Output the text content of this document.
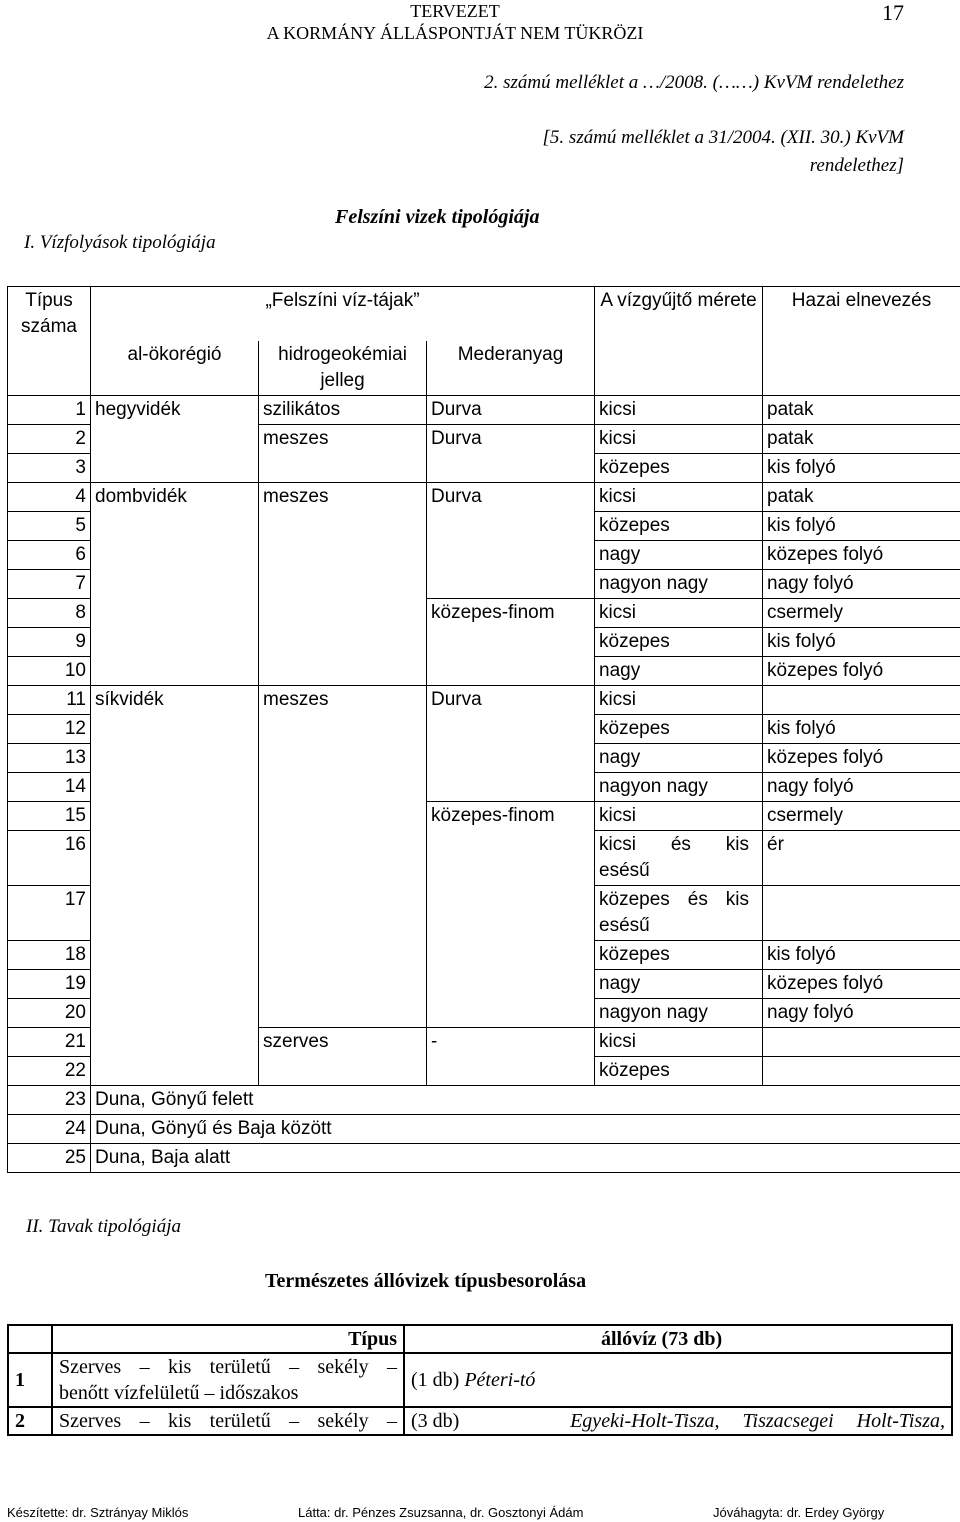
TERVEZET
A KORMÁNY ÁLLÁSPONTJÁT NEM TÜKRÖZI
17
2. számú melléklet a …/2008. (……) KvVM rendelethez
[5. számú melléklet a 31/2004. (XII. 30.) KvVM
rendelethez]
Felszíni vizek tipológiája
I. Vízfolyások tipológiája
Típus száma	„Felszíni víz-tájak”			A vízgyűjtő mérete	Hazai elnevezés
	al-ökorégió	hidrogeokémiai jelleg	Mederanyag		
1	hegyvidék	szilikátos	Durva	kicsi	patak
2		meszes	Durva	kicsi	patak
3				közepes	kis folyó
4	dombvidék	meszes	Durva	kicsi	patak
5				közepes	kis folyó
6				nagy	közepes folyó
7				nagyon nagy	nagy folyó
8			közepes-finom	kicsi	csermely
9				közepes	kis folyó
10				nagy	közepes folyó
11	síkvidék	meszes	Durva	kicsi	
12				közepes	kis folyó
13				nagy	közepes folyó
14				nagyon nagy	nagy folyó
15			közepes-finom	kicsi	csermely
16				kicsi és kis esésű	ér
17				közepes és kis esésű	

18				közepes	kis folyó
19				nagy	közepes folyó
20				nagyon nagy	nagy folyó
21		szerves	-	kicsi	
22				közepes	
23	Duna, Gönyű felett				
24	Duna, Gönyű és Baja között				
25	Duna, Baja alatt				
II. Tavak tipológiája
Természetes állóvizek típusbesorolása
	Típus	állóvíz (73 db)
1	Szerves – kis területű – sekély –
benőtt vízfelületű – időszakos	(1 db) Péteri-tó
2	Szerves – kis területű – sekély –	(3 db) Egyeki-Holt-Tisza, Tiszacsegei Holt-Tisza,
Készítette: dr. Sztrányay Miklós	Látta: dr. Pénzes Zsuzsanna, dr. Gosztonyi Ádám	Jóváhagyta: dr. Erdey György
